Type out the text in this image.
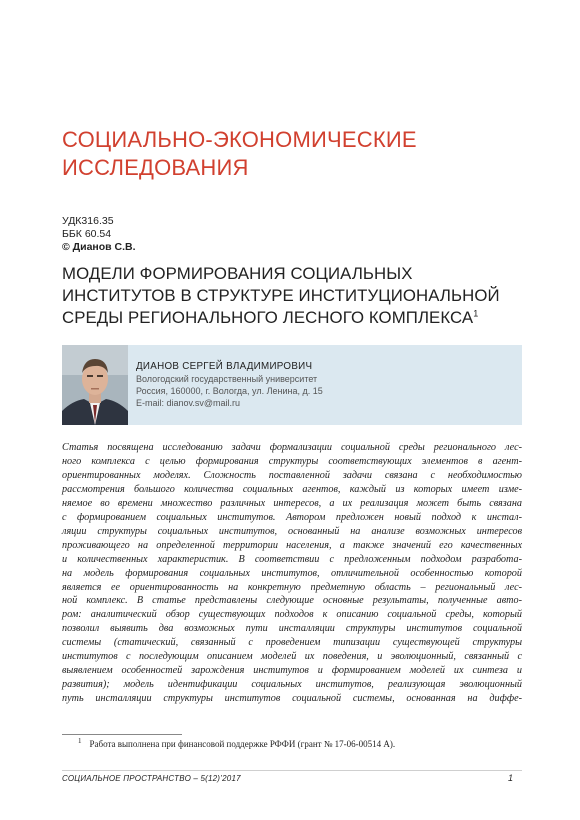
СОЦИАЛЬНО-ЭКОНОМИЧЕСКИЕ
ИССЛЕДОВАНИЯ
УДК316.35
ББК 60.54
© Дианов С.В.
МОДЕЛИ ФОРМИРОВАНИЯ СОЦИАЛЬНЫХ
ИНСТИТУТОВ В СТРУКТУРЕ ИНСТИТУЦИОНАЛЬНОЙ
СРЕДЫ РЕГИОНАЛЬНОГО ЛЕСНОГО КОМПЛЕКСА$^1$
ДИАНОВ СЕРГЕЙ ВЛАДИМИРОВИЧ
Вологодский государственный университет
Россия, 160000, г. Вологда, ул. Ленина, д. 15
E-mail: dianov.sv@mail.ru
Статья посвящена исследованию задачи формализации социальной среды регионального лес-
ного комплекса с целью формирования структуры соответствующих элементов в агент-
ориентированных моделях. Сложность поставленной задачи связана с необходимостью
рассмотрения большого количества социальных агентов, каждый из которых имеет изме-
няемое во времени множество различных интересов, а их реализация может быть связана
с формированием социальных институтов. Автором предложен новый подход к инстал-
ляции структуры социальных институтов, основанный на анализе возможных интересов
проживающего на определенной территории населения, а также значений его качественных
и количественных характеристик. В соответствии с предложенным подходом разработа-
на модель формирования социальных институтов, отличительной особенностью которой
является ее ориентированность на конкретную предметную область – региональный лес-
ной комплекс. В статье представлены следующие основные результаты, полученные авто-
ром: аналитический обзор существующих подходов к описанию социальной среды, который
позволил выявить два возможных пути инсталляции структуры институтов социальной
системы (статический, связанный с проведением типизации существующей структуры
институтов с последующим описанием моделей их поведения, и эволюционный, связанный с
выявлением особенностей зарождения институтов и формированием моделей их синтеза и
развития); модель идентификации социальных институтов, реализующая эволюционный
путь инсталляции структуры институтов социальной системы, основанная на диффе-
$^1$ Работа выполнена при финансовой поддержке РФФИ (грант № 17-06-00514 А).
СОЦИАЛЬНОЕ ПРОСТРАНСТВО – 5(12)’2017	1
